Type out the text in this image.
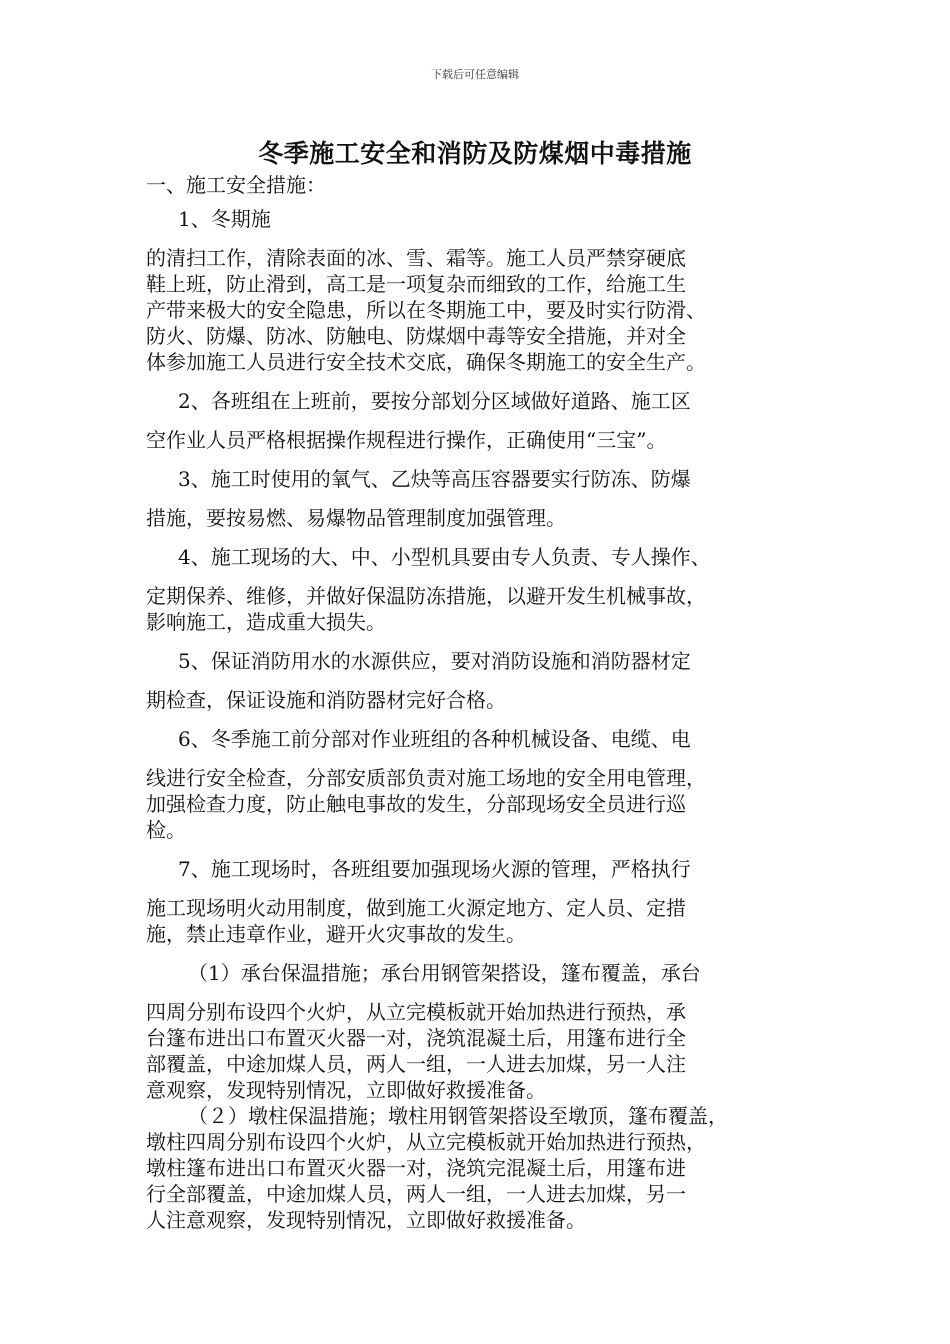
下载后可任意编辑
冬季施工安全和消防及防煤烟中毒措施
一、施工安全措施：
1、冬期施
的清扫工作，清除表面的冰、雪、霜等。施工人员严禁穿硬底
鞋上班，防止滑到，高工是一项复杂而细致的工作，给施工生
产带来极大的安全隐患，所以在冬期施工中，要及时实行防滑、
防火、防爆、防冰、防触电、防煤烟中毒等安全措施，并对全
体参加施工人员进行安全技术交底，确保冬期施工的安全生产。
2、各班组在上班前，要按分部划分区域做好道路、施工区
空作业人员严格根据操作规程进行操作，正确使用“三宝”。
3、施工时使用的氧气、乙炔等高压容器要实行防冻、防爆
措施，要按易燃、易爆物品管理制度加强管理。
4、施工现场的大、中、小型机具要由专人负责、专人操作、
定期保养、维修，并做好保温防冻措施，以避开发生机械事故，
影响施工，造成重大损失。
5、保证消防用水的水源供应，要对消防设施和消防器材定
期检查，保证设施和消防器材完好合格。
6、冬季施工前分部对作业班组的各种机械设备、电缆、电
线进行安全检查，分部安质部负责对施工场地的安全用电管理，
加强检查力度，防止触电事故的发生，分部现场安全员进行巡
检。
7、施工现场时，各班组要加强现场火源的管理，严格执行
施工现场明火动用制度，做到施工火源定地方、定人员、定措
施，禁止违章作业，避开火灾事故的发生。
（1）承台保温措施；承台用钢管架搭设，篷布覆盖，承台
四周分别布设四个火炉，从立完模板就开始加热进行预热，承
台篷布进出口布置灭火器一对，浇筑混凝土后，用篷布进行全
部覆盖，中途加煤人员，两人一组，一人进去加煤，另一人注
意观察，发现特别情况，立即做好救援准备。
（２）墩柱保温措施；墩柱用钢管架搭设至墩顶，篷布覆盖，
墩柱四周分别布设四个火炉，从立完模板就开始加热进行预热，
墩柱篷布进出口布置灭火器一对，浇筑完混凝土后，用篷布进
行全部覆盖，中途加煤人员，两人一组，一人进去加煤，另一
人注意观察，发现特别情况，立即做好救援准备。
